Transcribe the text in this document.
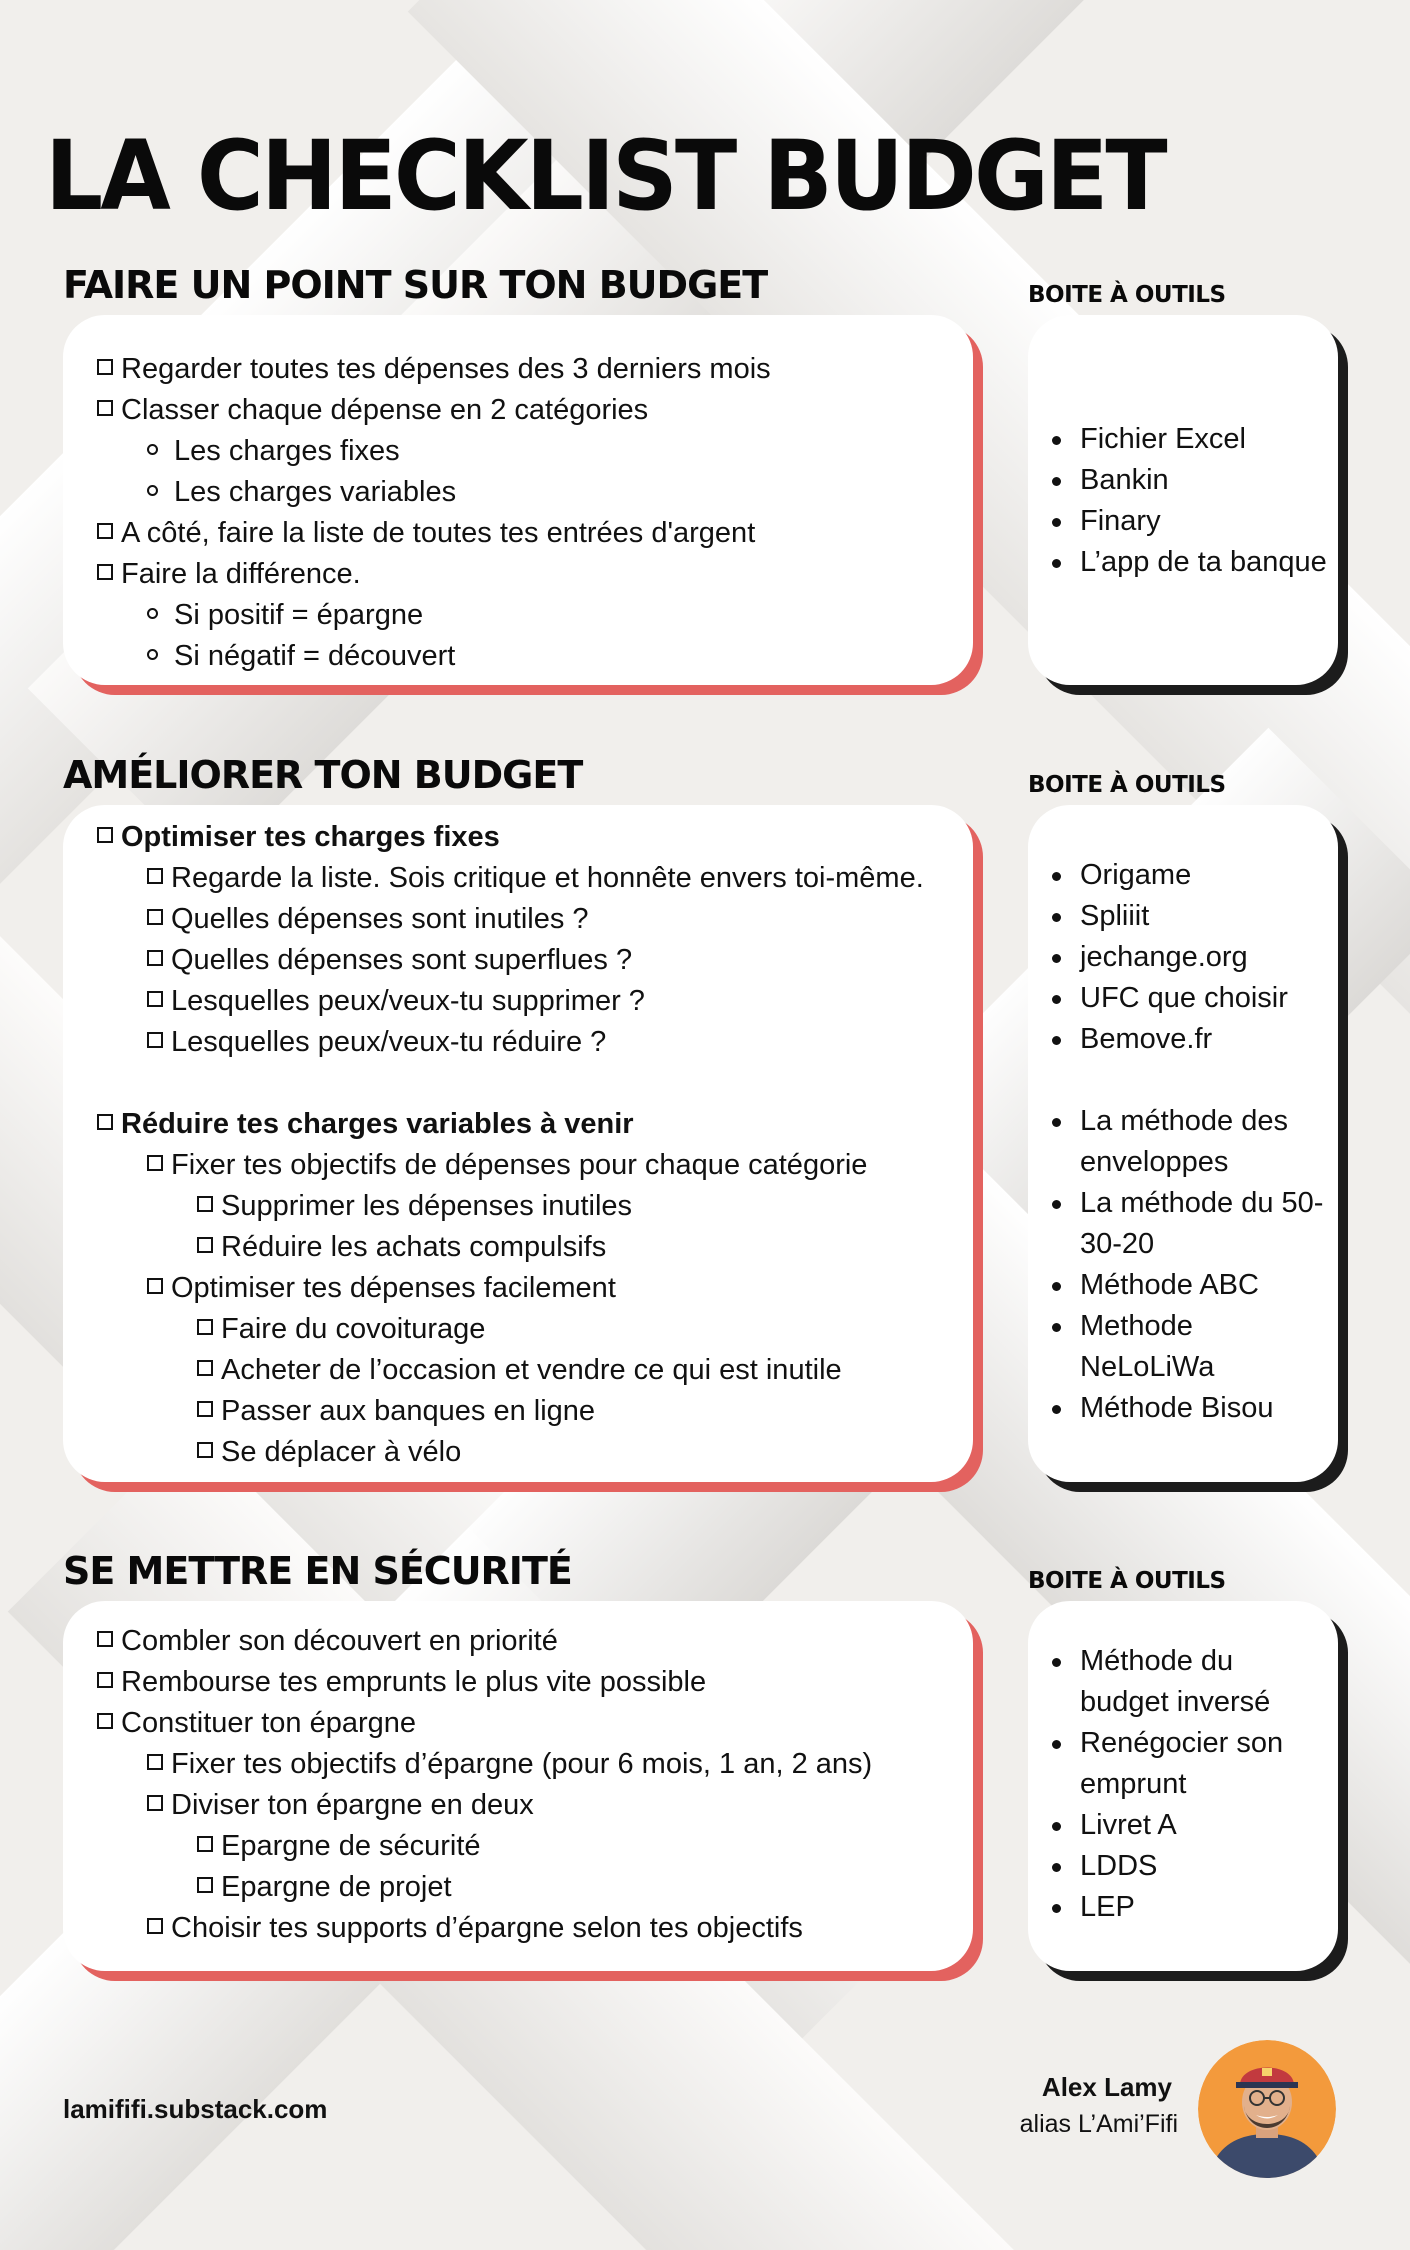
LA CHECKLIST BUDGET
FAIRE UN POINT SUR TON BUDGET	BOITE À OUTILS
Regarder toutes tes dépenses des 3 derniers mois
Classer chaque dépense en 2 catégories
Les charges fixes
Les charges variables
A côté, faire la liste de toutes tes entrées d'argent
Faire la différence.
Si positif = épargne
Si négatif = découvert
Fichier Excel
Bankin
Finary
L’app de ta banque
AMÉLIORER TON BUDGET	BOITE À OUTILS
Optimiser tes charges fixes
Regarde la liste. Sois critique et honnête envers toi-même.
Quelles dépenses sont inutiles ?
Quelles dépenses sont superflues ?
Lesquelles peux/veux-tu supprimer ?
Lesquelles peux/veux-tu réduire ?
Réduire tes charges variables à venir
Fixer tes objectifs de dépenses pour chaque catégorie
Supprimer les dépenses inutiles
Réduire les achats compulsifs
Optimiser tes dépenses facilement
Faire du covoiturage
Acheter de l’occasion et vendre ce qui est inutile
Passer aux banques en ligne
Se déplacer à vélo
Origame
Spliiit
jechange.org
UFC que choisir
Bemove.fr
La méthode des enveloppes
La méthode du 50-30-20
Méthode ABC
Methode NeLoLiWa
Méthode Bisou
SE METTRE EN SÉCURITÉ	BOITE À OUTILS
Combler son découvert en priorité
Rembourse tes emprunts le plus vite possible
Constituer ton épargne
Fixer tes objectifs d’épargne (pour 6 mois, 1 an, 2 ans)
Diviser ton épargne en deux
Epargne de sécurité
Epargne de projet
Choisir tes supports d’épargne selon tes objectifs
Méthode du budget inversé
Renégocier son emprunt
Livret A
LDDS
LEP
lamififi.substack.com
Alex Lamy
alias L’Ami’Fifi
